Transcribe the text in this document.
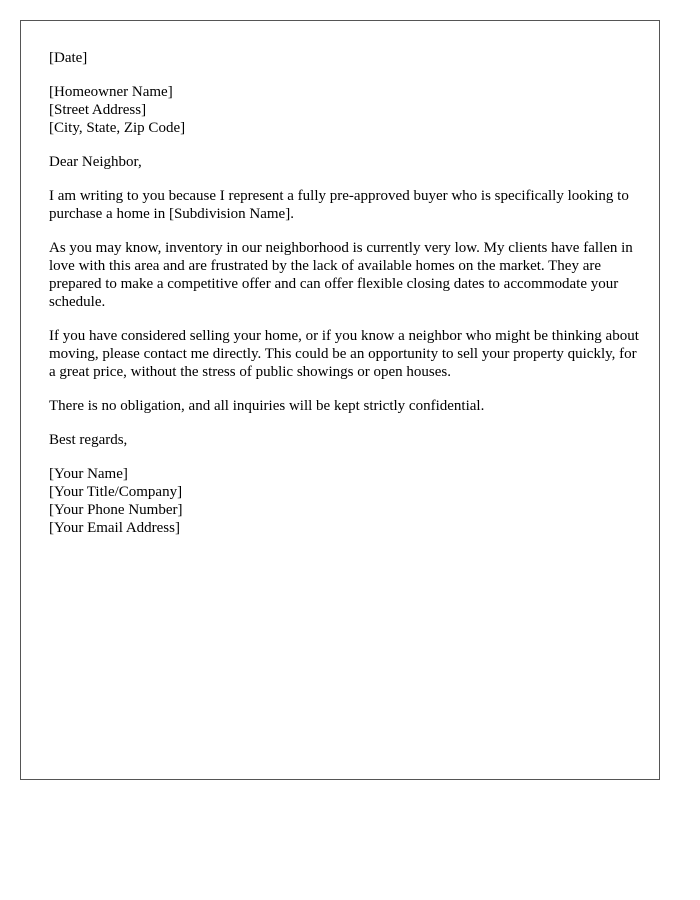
[Date]
[Homeowner Name]
[Street Address]
[City, State, Zip Code]

Dear Neighbor,

I am writing to you because I represent a fully pre-approved buyer who is specifically looking to purchase a home in [Subdivision Name].

As you may know, inventory in our neighborhood is currently very low. My clients have fallen in love with this area and are frustrated by the lack of available homes on the market. They are prepared to make a competitive offer and can offer flexible closing dates to accommodate your schedule.

If you have considered selling your home, or if you know a neighbor who might be thinking about moving, please contact me directly. This could be an opportunity to sell your property quickly, for a great price, without the stress of public showings or open houses.

There is no obligation, and all inquiries will be kept strictly confidential.

Best regards,

[Your Name]
[Your Title/Company]
[Your Phone Number]
[Your Email Address]
